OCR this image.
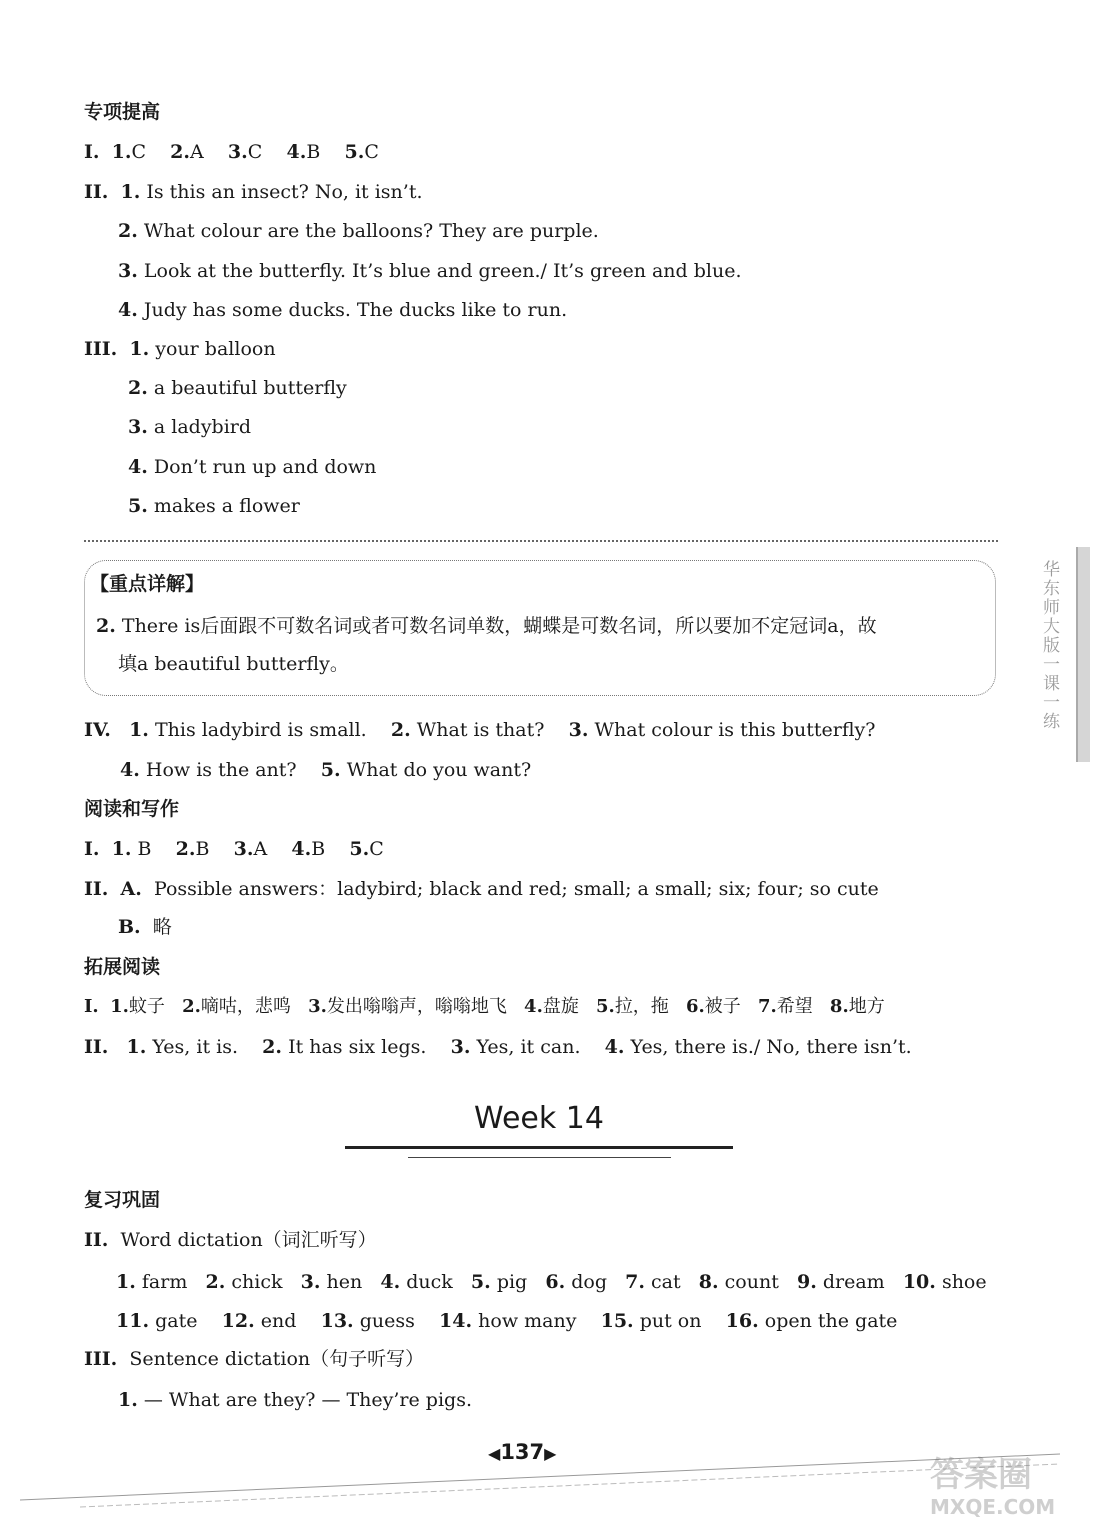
专项提高
I. 1.C 2.A 3.C 4.B 5.C
II. 1. Is this an insect? No, it isn’t.
2. What colour are the balloons? They are purple.
3. Look at the butterfly. It’s blue and green./ It’s green and blue.
4. Judy has some ducks. The ducks like to run.
III. 1. your balloon
2. a beautiful butterfly
3. a ladybird
4. Don’t run up and down
5. makes a flower
【重点详解】
2. There is后面跟不可数名词或者可数名词单数，蝴蝶是可数名词，所以要加不定冠词a，故
填a beautiful butterfly。
IV. 1. This ladybird is small. 2. What is that? 3. What colour is this butterfly?
4. How is the ant? 5. What do you want?
阅读和写作
I. 1. B 2.B 3.A 4.B 5.C
II. A. Possible answers：ladybird; black and red; small; a small; six; four; so cute
B. 略
拓展阅读
I. 1.蚊子 2.嘀咕，悲鸣 3.发出嗡嗡声，嗡嗡地飞 4.盘旋 5.拉，拖 6.被子 7.希望 8.地方
II. 1. Yes, it is. 2. It has six legs. 3. Yes, it can. 4. Yes, there is./ No, there isn’t.
Week 14
复习巩固
II. Word dictation（词汇听写）
1. farm 2. chick 3. hen 4. duck 5. pig 6. dog 7. cat 8. count 9. dream 10. shoe
11. gate 12. end 13. guess 14. how many 15. put on 16. open the gate
III. Sentence dictation（句子听写）
1. — What are they? — They’re pigs.
华东师大版一课一练
◀137▶
答案圈
MXQE.COM
